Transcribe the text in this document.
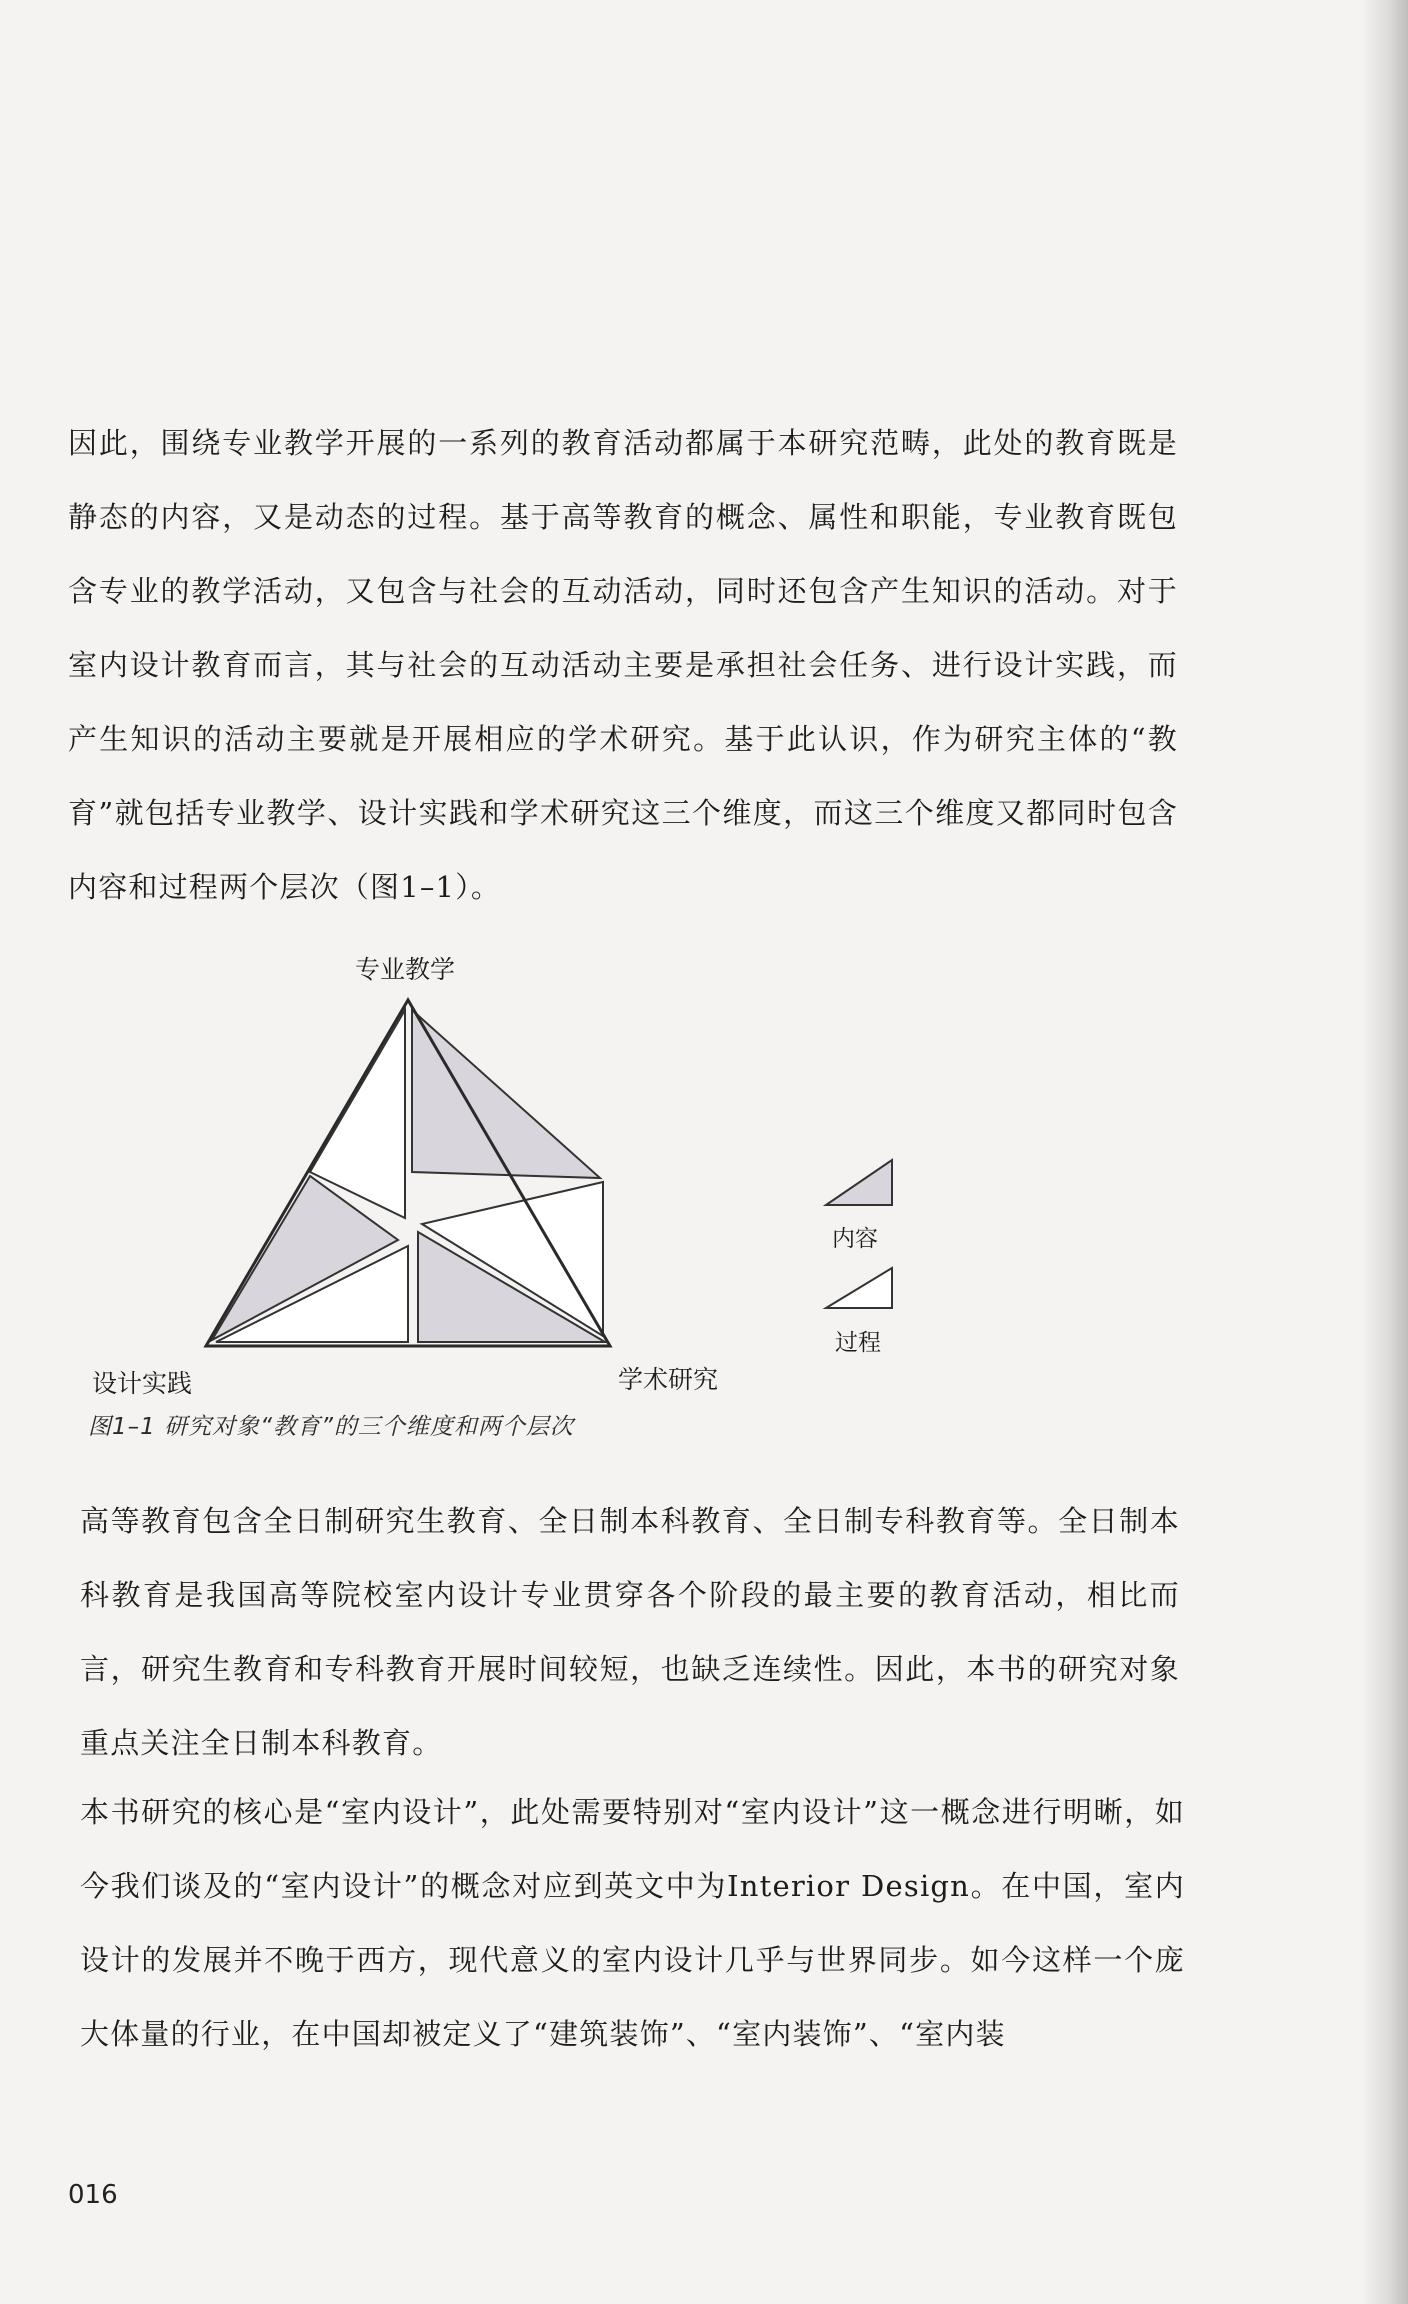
因此，围绕专业教学开展的一系列的教育活动都属于本研究范畴，此处的教育既是静态的内容，又是动态的过程。基于高等教育的概念、属性和职能，专业教育既包含专业的教学活动，又包含与社会的互动活动，同时还包含产生知识的活动。对于室内设计教育而言，其与社会的互动活动主要是承担社会任务、进行设计实践，而产生知识的活动主要就是开展相应的学术研究。基于此认识，作为研究主体的“教育”就包括专业教学、设计实践和学术研究这三个维度，而这三个维度又都同时包含内容和过程两个层次（图1–1）。

专业教学
设计实践	学术研究
内容
过程
图1–1 研究对象“教育”的三个维度和两个层次

高等教育包含全日制研究生教育、全日制本科教育、全日制专科教育等。全日制本科教育是我国高等院校室内设计专业贯穿各个阶段的最主要的教育活动，相比而言，研究生教育和专科教育开展时间较短，也缺乏连续性。因此，本书的研究对象重点关注全日制本科教育。

本书研究的核心是“室内设计”，此处需要特别对“室内设计”这一概念进行明晰，如今我们谈及的“室内设计”的概念对应到英文中为Interior Design。在中国，室内设计的发展并不晚于西方，现代意义的室内设计几乎与世界同步。如今这样一个庞大体量的行业，在中国却被定义了“建筑装饰”、“室内装饰”、“室内装

016
